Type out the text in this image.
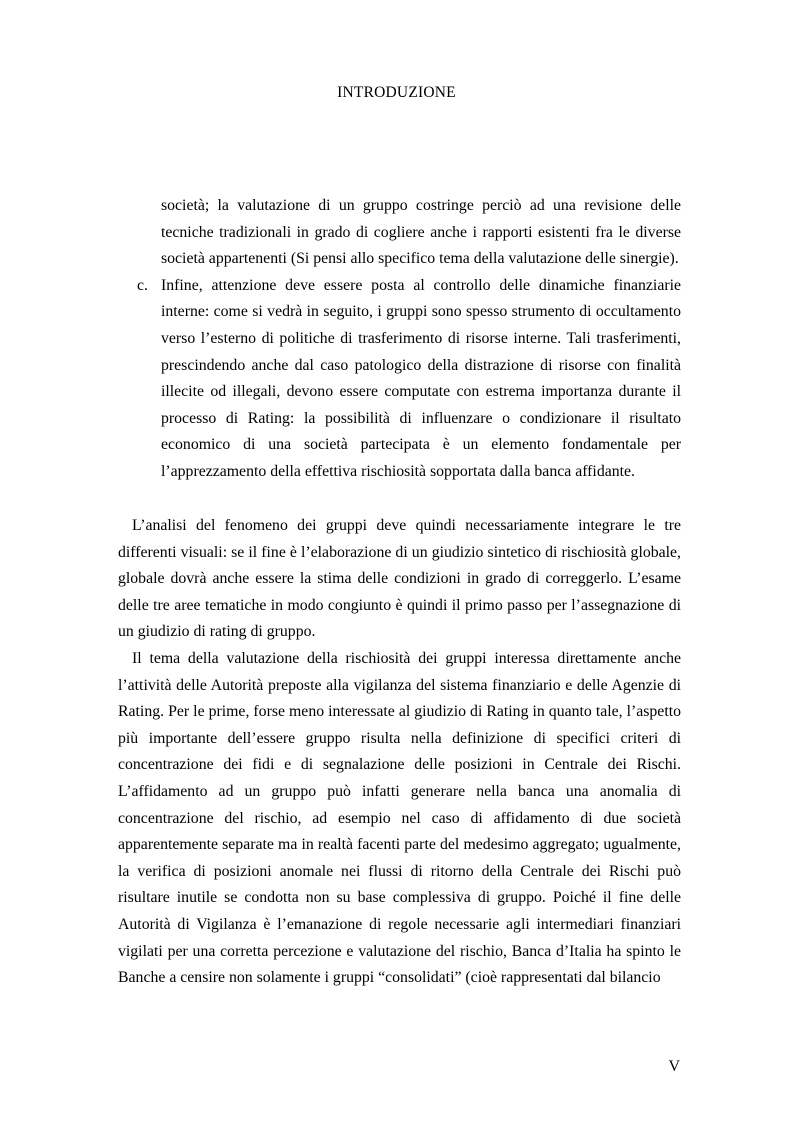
INTRODUZIONE
società; la valutazione di un gruppo costringe perciò ad una revisione delle tecniche tradizionali in grado di cogliere anche i rapporti esistenti fra le diverse società appartenenti (Si pensi allo specifico tema della valutazione delle sinergie).
c. Infine, attenzione deve essere posta al controllo delle dinamiche finanziarie interne: come si vedrà in seguito, i gruppi sono spesso strumento di occultamento verso l’esterno di politiche di trasferimento di risorse interne. Tali trasferimenti, prescindendo anche dal caso patologico della distrazione di risorse con finalità illecite od illegali, devono essere computate con estrema importanza durante il processo di Rating: la possibilità di influenzare o condizionare il risultato economico di una società partecipata è un elemento fondamentale per l’apprezzamento della effettiva rischiosità sopportata dalla banca affidante.

L’analisi del fenomeno dei gruppi deve quindi necessariamente integrare le tre differenti visuali: se il fine è l’elaborazione di un giudizio sintetico di rischiosità globale, globale dovrà anche essere la stima delle condizioni in grado di correggerlo. L’esame delle tre aree tematiche in modo congiunto è quindi il primo passo per l’assegnazione di un giudizio di rating di gruppo.

Il tema della valutazione della rischiosità dei gruppi interessa direttamente anche l’attività delle Autorità preposte alla vigilanza del sistema finanziario e delle Agenzie di Rating. Per le prime, forse meno interessate al giudizio di Rating in quanto tale, l’aspetto più importante dell’essere gruppo risulta nella definizione di specifici criteri di concentrazione dei fidi e di segnalazione delle posizioni in Centrale dei Rischi. L’affidamento ad un gruppo può infatti generare nella banca una anomalia di concentrazione del rischio, ad esempio nel caso di affidamento di due società apparentemente separate ma in realtà facenti parte del medesimo aggregato; ugualmente, la verifica di posizioni anomale nei flussi di ritorno della Centrale dei Rischi può risultare inutile se condotta non su base complessiva di gruppo. Poiché il fine delle Autorità di Vigilanza è l’emanazione di regole necessarie agli intermediari finanziari vigilati per una corretta percezione e valutazione del rischio, Banca d’Italia ha spinto le Banche a censire non solamente i gruppi “consolidati” (cioè rappresentati dal bilancio

V
